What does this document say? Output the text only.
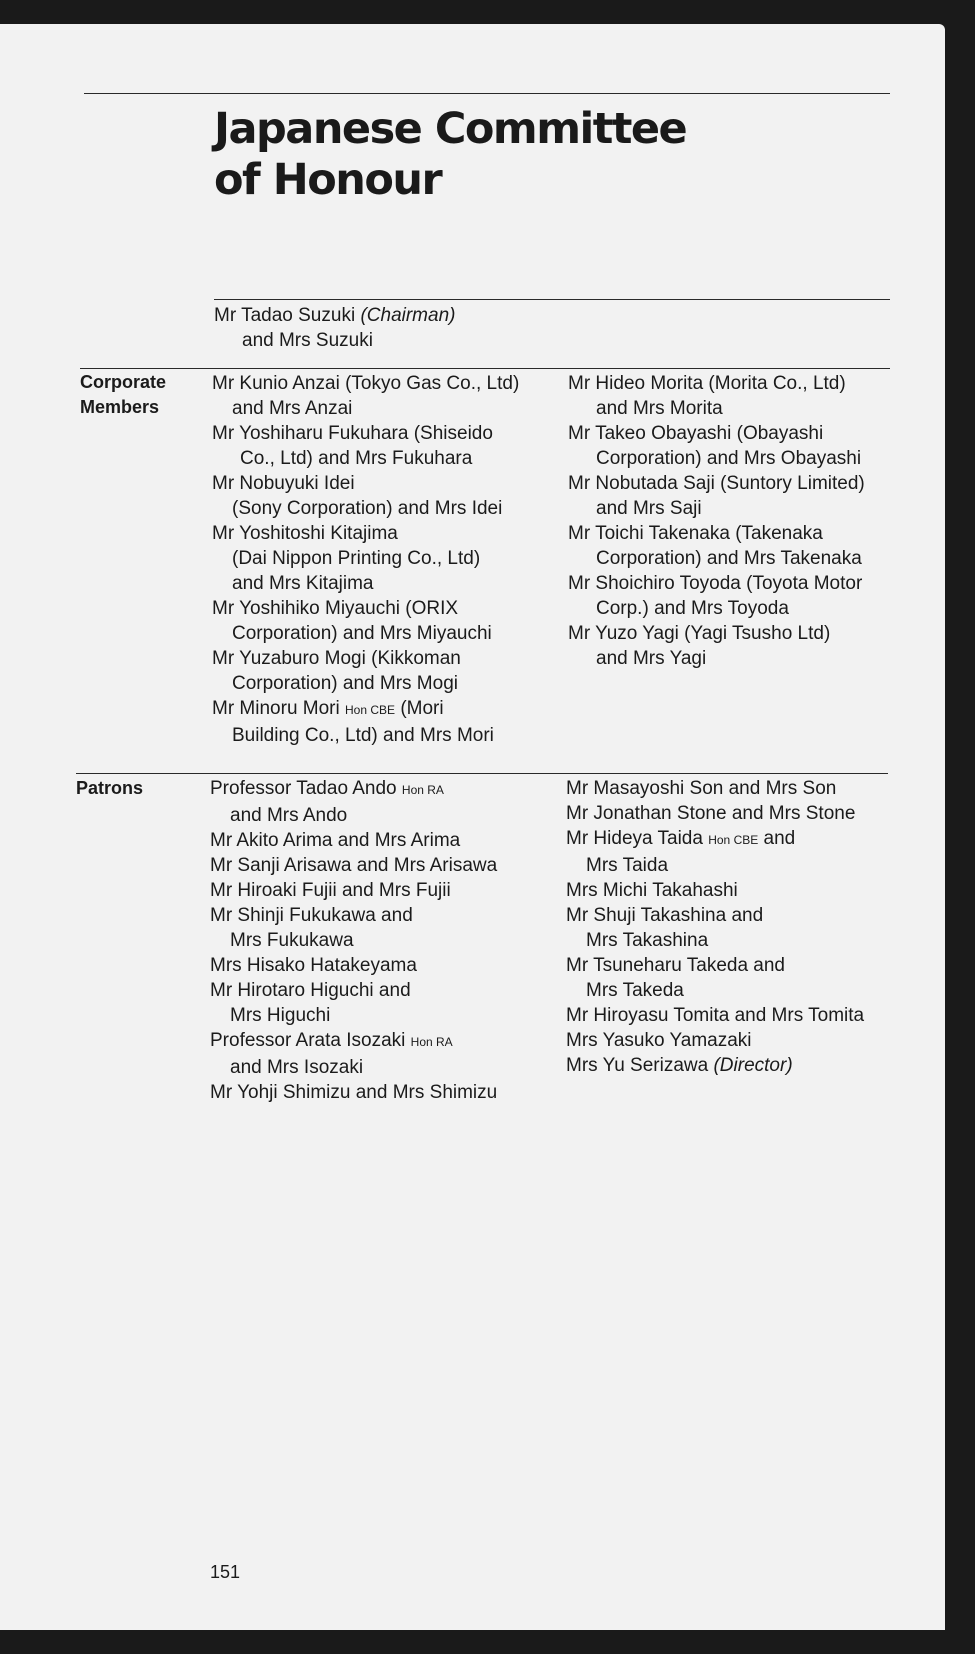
Japanese Committee
of Honour
Mr Tadao Suzuki (Chairman)
and Mrs Suzuki
Corporate
Members
Mr Kunio Anzai (Tokyo Gas Co., Ltd)
and Mrs Anzai
Mr Yoshiharu Fukuhara (Shiseido
Co., Ltd) and Mrs Fukuhara
Mr Nobuyuki Idei
(Sony Corporation) and Mrs Idei
Mr Yoshitoshi Kitajima
(Dai Nippon Printing Co., Ltd)
and Mrs Kitajima
Mr Yoshihiko Miyauchi (ORIX
Corporation) and Mrs Miyauchi
Mr Yuzaburo Mogi (Kikkoman
Corporation) and Mrs Mogi
Mr Minoru Mori Hon CBE (Mori
Building Co., Ltd) and Mrs Mori
Mr Hideo Morita (Morita Co., Ltd)
and Mrs Morita
Mr Takeo Obayashi (Obayashi
Corporation) and Mrs Obayashi
Mr Nobutada Saji (Suntory Limited)
and Mrs Saji
Mr Toichi Takenaka (Takenaka
Corporation) and Mrs Takenaka
Mr Shoichiro Toyoda (Toyota Motor
Corp.) and Mrs Toyoda
Mr Yuzo Yagi (Yagi Tsusho Ltd)
and Mrs Yagi
Patrons	Professor Tadao Ando Hon RA
and Mrs Ando
Mr Akito Arima and Mrs Arima
Mr Sanji Arisawa and Mrs Arisawa
Mr Hiroaki Fujii and Mrs Fujii
Mr Shinji Fukukawa and
Mrs Fukukawa
Mrs Hisako Hatakeyama
Mr Hirotaro Higuchi and
Mrs Higuchi
Professor Arata Isozaki Hon RA
and Mrs Isozaki
Mr Yohji Shimizu and Mrs Shimizu
Mr Masayoshi Son and Mrs Son
Mr Jonathan Stone and Mrs Stone
Mr Hideya Taida Hon CBE and
Mrs Taida
Mrs Michi Takahashi
Mr Shuji Takashina and
Mrs Takashina
Mr Tsuneharu Takeda and
Mrs Takeda
Mr Hiroyasu Tomita and Mrs Tomita
Mrs Yasuko Yamazaki
Mrs Yu Serizawa (Director)
151
